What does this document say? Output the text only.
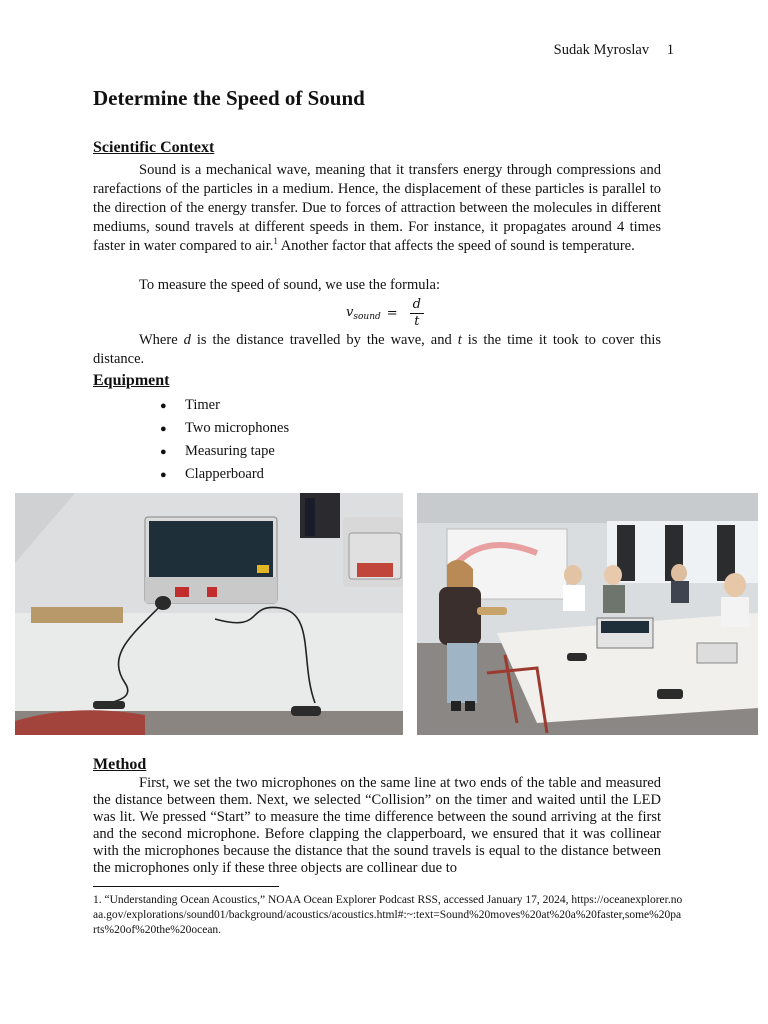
Sudak Myroslav 1
Determine the Speed of Sound
Scientific Context

Sound is a mechanical wave, meaning that it transfers energy through compressions and rarefactions of the particles in a medium. Hence, the displacement of these particles is parallel to the direction of the energy transfer. Due to forces of attraction between the molecules in different mediums, sound travels at different speeds in them. For instance, it propagates around 4 times faster in water compared to air.$^1$ Another factor that affects the speed of sound is temperature.

To measure the speed of sound, we use the formula:

$v_{sound} = \frac{d}{t}$

Where d is the distance travelled by the wave, and t is the time it took to cover this distance.

Equipment
●	Timer
●	Two microphones
●	Measuring tape
●	Clapperboard
Method

First, we set the two microphones on the same line at two ends of the table and measured the distance between them. Next, we selected “Collision” on the timer and waited until the LED was lit. We pressed “Start” to measure the time difference between the sound arriving at the first and the second microphone. Before clapping the clapperboard, we ensured that it was collinear with the microphones because the distance that the sound travels is equal to the distance between the microphones only if these three objects are collinear due to

1. “Understanding Ocean Acoustics,” NOAA Ocean Explorer Podcast RSS, accessed January 17, 2024, https://oceanexplorer.noaa.gov/explorations/sound01/background/acoustics/acoustics.html#:~:text=Sound%20moves%20at%20a%20faster,some%20parts%20of%20the%20ocean.
